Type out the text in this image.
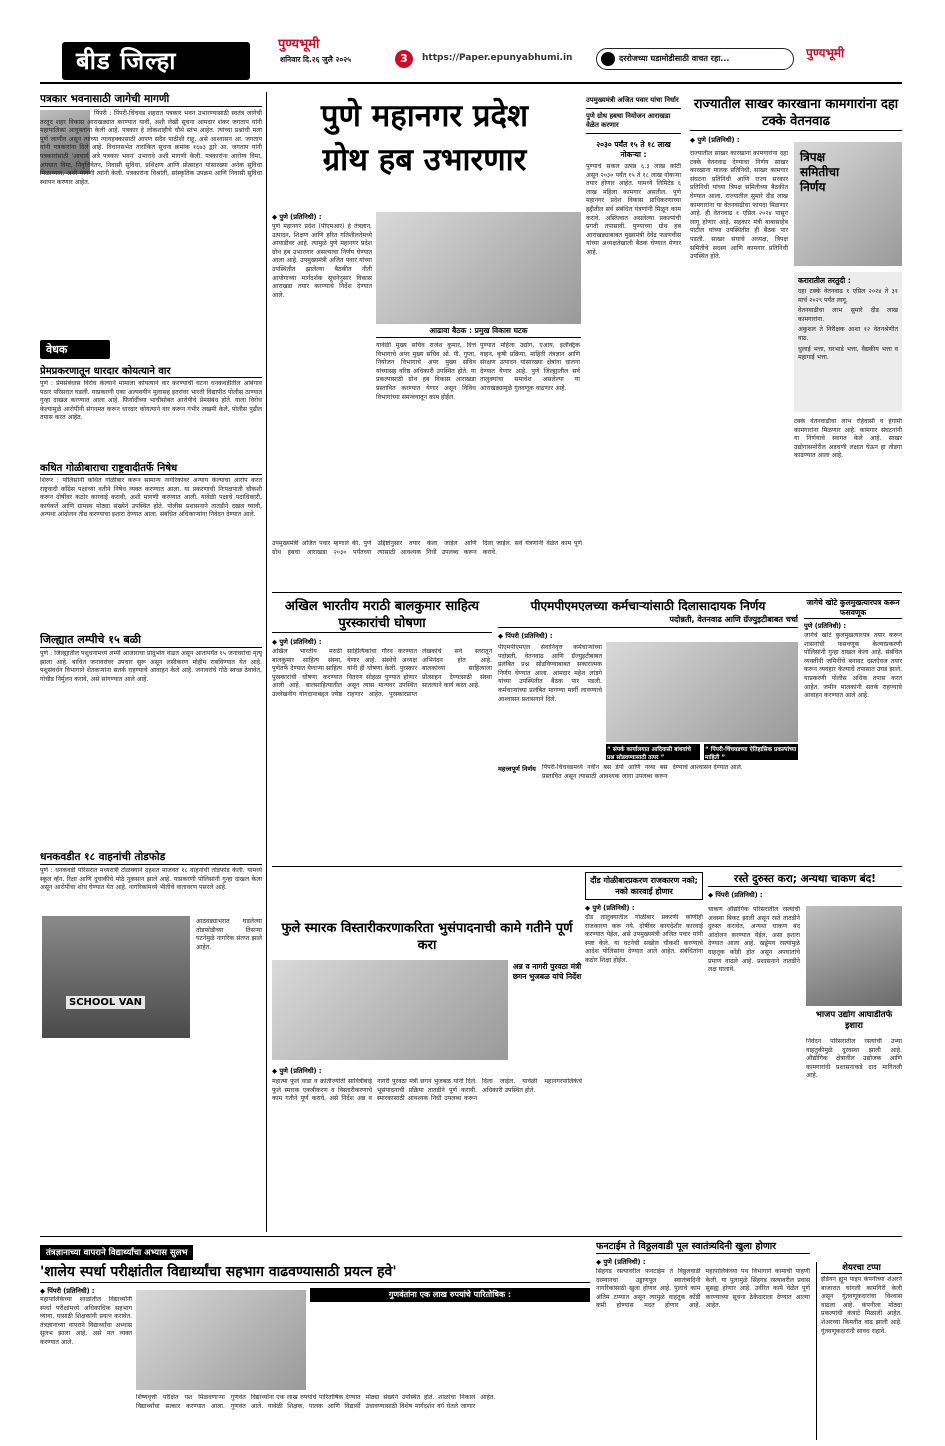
बीड जिल्हा
पुण्यभूमी
शनिवार दि.२६ जुलै २०२५	3	https://Paper.epunyabhumi.in	दररोजच्या घडामोडीसाठी वाचत रहा...	पुण्यभूमी
पत्रकार भवनासाठी जागेची मागणी
पिंपरी : पिंपरी-चिंचवड शहरात पत्रकार भवन उभारण्यासाठी स्वतंत्र जागेची तरतूद शहर विकास आराखड्यात करण्यात यावी, अशी लेखी सूचना आमदार शंकर जगताप यांनी महापालिका आयुक्तांना केली आहे. पत्रकार हे लोकशाहीचे चौथे स्तंभ आहेत. त्यांच्या प्रश्नांची मला पूर्ण जाणीव असून त्यांच्या न्यायहक्कासाठी आपण सदैव पाठीशी राहू, असे आश्वासन आ. जगताप यांनी पत्रकारांना दिले आहे. विधानसभेत तारांकित सूचना क्रमांक १६७३ द्वारे आ. जगताप यांनी पत्रकारांसाठी 'आचार्य अत्रे पत्रकार भवन' उभारावे अशी मागणी केली. पत्रकारांना आरोग्य विमा, अपघात विमा, निवृत्तिवेतन, निवासी सुविधा, प्रशिक्षण आणि प्रोत्साहन यांसारख्या अनेक सुविधा मिळाव्यात, अशी मागणी त्यांनी केली. पत्रकारांना विश्रांती, सांस्कृतिक उपक्रम आणि निवासी सुविधा स्थापन करणार आहेत.
वेधक
प्रेमप्रकरणातून धारदार कोयत्याने वार
पुणे : प्रेमसंबंधास विरोध केल्याने मामाला कोयत्याने वार करण्याची घटना धनकवडीतील आंबेगाव पठार परिसरात घडली. याप्रकरणी एका अल्पवयीन मुलासह इतरांवर भारती विद्यापीठ पोलीस ठाण्यात गुन्हा दाखल करण्यात आला आहे. फिर्यादींच्या भाचीसोबत आरोपीचे प्रेमसंबंध होते. याला विरोध केल्यामुळे आरोपींनी संगनमत करून धारदार कोयत्याने वार करून गंभीर जखमी केले. पोलीस पुढील तपास करत आहेत.
कथित गोळीबाराचा राष्ट्रवादीतर्फे निषेध
शिरूर : पोलिसांनी कथित गोळीबार करून सामान्य नागरिकांवर अन्याय केल्याचा आरोप करत राष्ट्रवादी काँग्रेस पक्षाच्या वतीने निषेध व्यक्त करण्यात आला. या प्रकरणाची निःपक्षपाती चौकशी करून दोषींवर कठोर कारवाई करावी, अशी मागणी करण्यात आली. यावेळी पक्षाचे पदाधिकारी, कार्यकर्ते आणि ग्रामस्थ मोठ्या संख्येने उपस्थित होते. पोलीस प्रशासनाने तातडीने दखल घ्यावी, अन्यथा आंदोलन तीव्र करण्याचा इशारा देण्यात आला. संबंधित अधिकाऱ्यांना निवेदन देण्यात आले.
जिल्ह्यात लम्पीचे १५ बळी
पुणे : जिल्ह्यातील पशुधनामध्ये लम्पी आजाराचा प्रादुर्भाव वाढत असून आतापर्यंत १५ जनावरांचा मृत्यू झाला आहे. बाधित जनावरांवर उपचार सुरू असून लसीकरण मोहीम राबविण्यात येत आहे. पशुसंवर्धन विभागाने शेतकऱ्यांना सतर्क राहण्याचे आवाहन केले आहे. जनावरांचे गोठे स्वच्छ ठेवावेत, गोचीड निर्मूलन करावे, असे सांगण्यात आले आहे.
धनकवडीत १८ वाहनांची तोडफोड
पुणे : धनकवडी परिसरात मध्यरात्री टोळक्याने दहशत माजवत १८ वाहनांची तोडफोड केली. यामध्ये स्कूल व्हॅन, रिक्षा आणि दुचाकींचे मोठे नुकसान झाले आहे. याप्रकरणी पोलिसांनी गुन्हा दाखल केला असून आरोपींचा शोध घेण्यात येत आहे. नागरिकांमध्ये भीतीचे वातावरण पसरले आहे.
SCHOOL VAN
आठवड्याभरात घडलेल्या तोडफोडीच्या तिसऱ्या घटनेमुळे नागरिक संतप्त झाले आहेत.
पुणे महानगर प्रदेश
ग्रोथ हब उभारणार
◆ पुणे (प्रतिनिधी) :
पुणे महानगर प्रदेश (पीएमआर) हे तंत्रज्ञान, उत्पादन, शिक्षण आणि हरित गतिशीलतेमध्ये आघाडीवर आहे. त्यामुळे पुणे महानगर प्रदेश ग्रोथ हब उभारणार असल्याचा निर्णय घेण्यात आला आहे. उपमुख्यमंत्री अजित पवार यांच्या उपस्थितीत झालेल्या बैठकीत नीती आयोगाच्या मार्गदर्शक सूचनेनुसार विकास आराखडा तयार करण्याचे निर्देश देण्यात आले.
आढावा बैठक : प्रमुख विकास घटक
यावेळी मुख्य सचिव राजेश कुमार, वित्त विभागाचे अपर मुख्य सचिव ओ. पी. गुप्ता, नियोजन विभागाचे अपर मुख्य सचिव यांच्यासह वरिष्ठ अधिकारी उपस्थित होते. या प्रकल्पासाठी ग्रोथ हब विकास आराखडा प्रस्तावित करण्यात येणार असून विविध विभागांच्या समन्वयातून काम होईल.
पुण्यात महिला उद्योग, एआय, इलेक्ट्रिक वाहन, कृषी प्रक्रिया, माहिती तंत्रज्ञान आणि संरक्षण उत्पादन यांसारख्या क्षेत्रांना चालना देण्यात येणार आहे. पुणे जिल्ह्यातील सर्व तालुक्यांचा समावेश असलेल्या या आराखड्यामुळे गुंतवणूक वाढणार आहे.
उपमुख्यमंत्री अजित पवार म्हणाले की, पुणे ग्रोथ हबचा आराखडा २०३० पर्यंतच्या उद्दिष्टांनुसार तयार केला जाईल आणि त्यासाठी आवश्यक निधी उपलब्ध करून दिला जाईल. सर्व यंत्रणांनी वेळेत काम पूर्ण करावे.
उपमुख्यमंत्री अजित पवार यांचा निर्धार
पुणे ग्रोथ हबचा नियोजन आराखडा वेळेत करणार
२०३० पर्यंत १५ ते १८ लाख नोकऱ्या :
पुण्याचे सकल उत्पन्न ६.३ लाख कोटी असून २०३० पर्यंत १५ ते १८ लाख नोकऱ्या तयार होणार आहेत. यामध्ये लिमिटेड ६ लाख महिला कामगार असतील. पुणे महानगर प्रदेश विकास प्राधिकरणाच्या हद्दीतील सर्व संबंधित यंत्रणांनी मिळून काम करावे. अस्तित्वात असलेल्या प्रकल्पांची प्रगती तपासावी. पुण्याच्या ग्रोथ हब आराखड्याबाबत मुख्यमंत्री देवेंद्र फडणवीस यांच्या अध्यक्षतेखाली बैठक घेण्यात येणार आहे.
राज्यातील साखर कारखाना कामगारांना दहा टक्के वेतनवाढ
◆ पुणे (प्रतिनिधी) :
राज्यातील साखर कारखाना कामगारांना दहा टक्के वेतनवाढ देण्याचा निर्णय साखर कारखाना मालक प्रतिनिधी, साखर कामगार संघटना प्रतिनिधी आणि राज्य सरकार प्रतिनिधी यांच्या त्रिपक्ष समितीच्या बैठकीत घेण्यात आला. राज्यातील सुमारे दीड लाख कामगारांना या वेतनवाढीचा फायदा मिळणार आहे. ही वेतनवाढ १ एप्रिल २०२४ पासून लागू होणार आहे. सहकार मंत्री बाबासाहेब पाटील यांच्या उपस्थितीत ही बैठक पार पडली. साखर संघाचे अध्यक्ष, त्रिपक्ष समितीचे सदस्य आणि कामगार प्रतिनिधी उपस्थित होते.
त्रिपक्ष समितीचा निर्णय
करारातील तरतुदी :
दहा टक्के वेतनवाढ १ एप्रिल २०२४ ते ३१ मार्च २०२९ पर्यंत लागू.
वेतनवाढीचा लाभ सुमारे दीड लाख कामगारांना.
अकुशल ते निरीक्षक आशा १२ वेतनश्रेणीत वाढ.
धुलाई भत्ता, घरभाडे भत्ता, वैद्यकीय भत्ता व महागाई भत्ता.
टक्के वेतनवाढीचा लाभ रहिवासी व हंगामी कामगारांना मिळणार आहे. कामगार संघटनांनी या निर्णयाचे स्वागत केले आहे. साखर उद्योगासमोरील अडचणी लक्षात घेऊन हा तोडगा काढण्यात आला आहे.
अखिल भारतीय मराठी बालकुमार साहित्य पुरस्कारांची घोषणा
◆ पुणे (प्रतिनिधी) :
अखिल भारतीय मराठी बालकुमार साहित्य संस्था, पुणेतर्फे देण्यात येणाऱ्या साहित्य पुरस्कारांची घोषणा करण्यात आली आहे. बालसाहित्यातील उल्लेखनीय योगदानाबद्दल ज्येष्ठ साहित्यिकांचा गौरव करण्यात येणार आहे. संस्थेचे अध्यक्ष यांनी ही घोषणा केली. पुरस्कार वितरण सोहळा पुण्यात होणार असून त्यास मान्यवर उपस्थित राहणार आहेत. पुरस्कारप्राप्त लेखकांचे सर्व स्तरातून अभिनंदन होत आहे. बालकांच्या साहित्याला प्रोत्साहन देण्यासाठी संस्था सातत्याने कार्य करत आहे.
पीएमपीएमएलच्या कर्मचाऱ्यांसाठी दिलासादायक निर्णय
पदोन्नती, वेतनवाढ आणि ग्रॅज्युइटीबाबत चर्चा
◆ पिंपरी (प्रतिनिधी) :
पीएमपीएमएल सेवानिवृत्त कर्मचाऱ्यांच्या पदोन्नती, वेतनवाढ आणि ग्रॅज्युइटीबाबत प्रलंबित प्रश्न सोडविण्याबाबत सकारात्मक निर्णय घेण्यात आला. आमदार महेश लांडगे यांच्या उपस्थितीत बैठक पार पडली. कर्मचाऱ्यांच्या प्रलंबित मागण्या मार्गी लावण्याचे आश्वासन प्रशासनाने दिले.
“ संपर्क कार्यालयात आदिवासी बांधवांचे प्रश्न सोडवण्यासाठी तत्पर ”
“ पिंपरी-चिंचवडच्या ऐतिहासिक प्रकल्पांच्या माहिती ”
महत्त्वपूर्ण निर्णय पिंपरी-चिंचवडमध्ये नवीन बस डेपो आणि नव्या बस प्रस्तावित असून त्यासाठी आवश्यक जागा उपलब्ध करून देण्याचे आश्वासन देण्यात आले.
जागेचे खोटे कुलमुखत्यारपत्र करून फसवणूक
पुणे (प्रतिनिधी) :
जागेचे खोटे कुलमुखत्यारपत्र तयार करून शासनाची फसवणूक केल्याप्रकरणी पोलिसांनी गुन्हा दाखल केला आहे. संबंधित व्यक्तींनी जमिनीचे बनावट दस्तऐवज तयार करून व्यवहार केल्याचे तपासात उघड झाले. याप्रकरणी पोलीस अधिक तपास करत आहेत. जमीन मालकांनी सतर्क राहण्याचे आवाहन करण्यात आले आहे.
दौंड गोळीबारप्रकरण राजकारण नको; नको कारवाई होणार
◆ पुणे (प्रतिनिधी) :
दौंड तालुक्यातील गोळीबार प्रकरणी कोणीही राजकारण करू नये. दोषींवर कायदेशीर कारवाई करण्यात येईल, असे उपमुख्यमंत्री अजित पवार यांनी स्पष्ट केले. या घटनेची सखोल चौकशी करण्याचे आदेश पोलिसांना देण्यात आले आहेत. संबंधितांना कठोर शिक्षा होईल.
रस्ते दुरुस्त करा; अन्यथा चाकण बंद!
◆ पिंपरी (प्रतिनिधी) :
चाकण औद्योगिक परिसरातील रस्त्यांची अवस्था बिकट झाली असून रस्ते तातडीने दुरुस्त करावेत, अन्यथा चाकण बंद आंदोलन करण्यात येईल, असा इशारा देण्यात आला आहे. खड्डेमय रस्त्यांमुळे वाहतूक कोंडी होत असून अपघातांचे प्रमाण वाढले आहे. प्रशासनाने तातडीने लक्ष घालावे.
भाजप उद्योग आघाडीतर्फे इशारा
निवेदन परिसरातील रस्त्यांची उभ्या वाहतुकीमुळे दुरवस्था झाली आहे. औद्योगिक क्षेत्रातील उद्योजक आणि कामगारांनी प्रशासनाकडे दाद मागितली आहे.
फुले स्मारक विस्तारीकरणाकरिता भुसंपादनाची कामे गतीने पूर्ण करा
अन्न व नागरी पुरवठा मंत्री छगन भुजबळ यांचे निर्देश
◆ पुणे (प्रतिनिधी) :
महात्मा फुले वाडा व क्रांतीज्योती सावित्रीबाई फुले स्मारक एकत्रीकरण व विस्तारीकरणाचे काम गतीने पूर्ण करावे, असे निर्देश अन्न व नागरी पुरवठा मंत्री छगन भुजबळ यांनी दिले. भूसंपादनाची प्रक्रिया तातडीने पूर्ण करावी. स्मारकासाठी आवश्यक निधी उपलब्ध करून दिला जाईल. यावेळी महानगरपालिकेचे अधिकारी उपस्थित होते.
तंत्रज्ञानाच्या वापराने विद्यार्थ्यांचा अभ्यास सुलभ
'शालेय स्पर्धा परीक्षांतील विद्यार्थ्यांचा सहभाग वाढवण्यासाठी प्रयत्न हवे'
◆ पिंपरी (प्रतिनिधी) :
महापालिकेच्या शाळांतील विद्यार्थ्यांनी स्पर्धा परीक्षांमध्ये अधिकाधिक सहभाग घ्यावा, यासाठी शिक्षकांनी प्रयत्न करावेत. तंत्रज्ञानाच्या वापराने विद्यार्थ्यांचा अभ्यास सुलभ झाला आहे, असे मत व्यक्त करण्यात आले.
गुणवंतांना एक लाख रुपयांचे पारितोषिक :
शिष्यवृत्ती परीक्षेत यश मिळवणाऱ्या गुणवंत विद्यार्थ्यांचा सत्कार करण्यात आला. गुणवंत विद्यार्थ्यांना एक लाख रुपयांचे पारितोषिक देण्यात आले. यावेळी शिक्षक, पालक आणि विद्यार्थी मोठ्या संख्येने उपस्थित होते. शाळांचा निकाल उंचावण्यासाठी विशेष मार्गदर्शन वर्ग घेतले जाणार आहेत.
फनटाईम ते विठ्ठलवाडी पूल स्वातंत्र्यदिनी खुला होणार
◆ पुणे (प्रतिनिधी) :
सिंहगड रस्त्यावरील फनटाईम ते विठ्ठलवाडी दरम्यानचा उड्डाणपूल स्वातंत्र्यदिनी नागरिकांसाठी खुला होणार आहे. पुलाचे काम अंतिम टप्प्यात असून त्यामुळे वाहतूक कोंडी कमी होण्यास मदत होणार आहे. महापालिकेच्या पथ विभागाने कामाची पाहणी केली. या पुलामुळे सिंहगड रस्त्यावरील प्रवास सुसह्य होणार आहे. उर्वरित कामे वेळेत पूर्ण करण्याच्या सूचना ठेकेदाराला देण्यात आल्या आहेत.
शेयरचा टप्पा
इंडियन ह्यूम पाइप कंपनीच्या शेअरने बाजारात चांगली कामगिरी केली असून गुंतवणूकदारांचा विश्वास वाढला आहे. कंपनीला मोठ्या प्रकल्पांची कंत्राटे मिळाली आहेत. शेअरच्या किमतीत वाढ झाली आहे. गुंतवणूकदारांनी सावध राहावे.
